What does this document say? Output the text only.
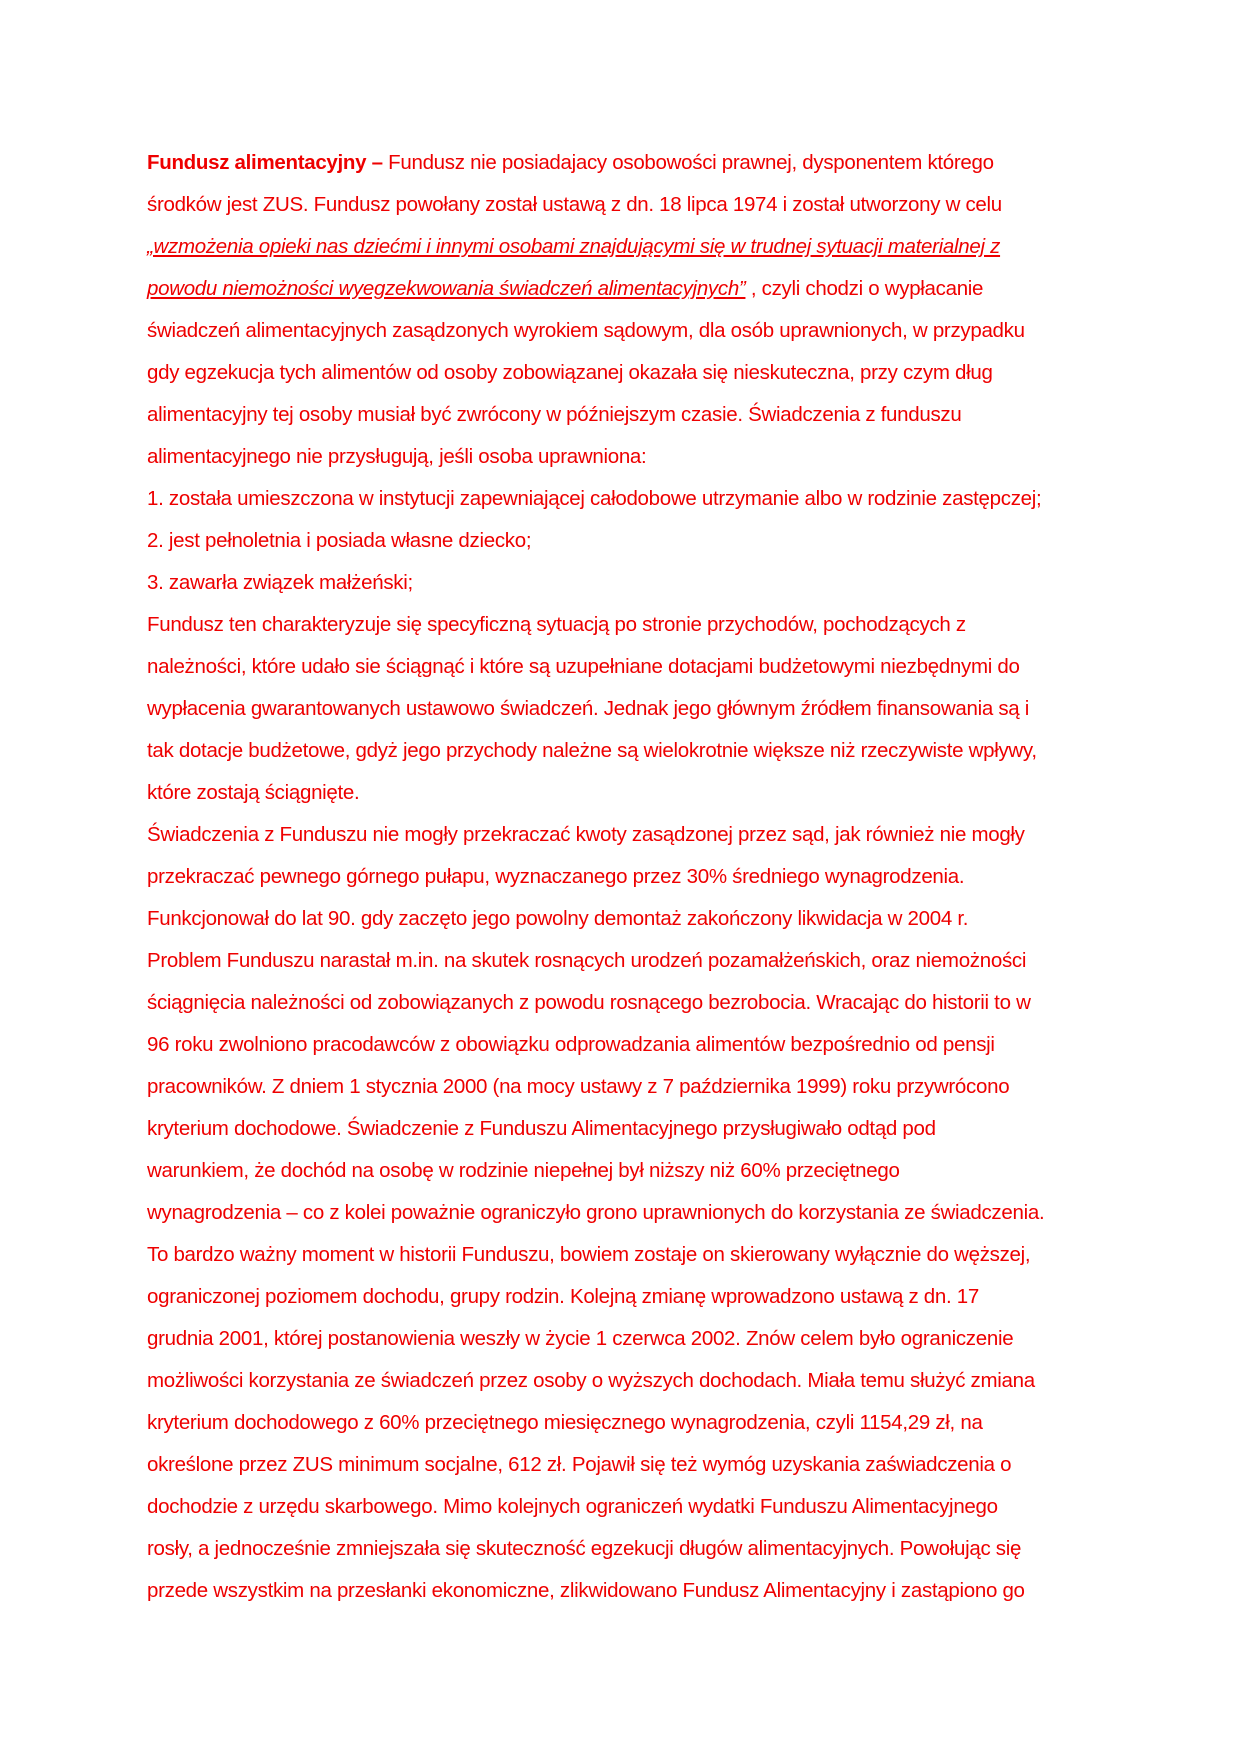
Fundusz alimentacyjny – Fundusz nie posiadajacy osobowości prawnej, dysponentem którego
środków jest ZUS. Fundusz powołany został ustawą z dn. 18 lipca 1974 i został utworzony w celu
„wzmożenia opieki nas dziećmi i innymi osobami znajdującymi się w trudnej sytuacji materialnej z
powodu niemożności wyegzekwowania świadczeń alimentacyjnych” , czyli chodzi o wypłacanie
świadczeń alimentacyjnych zasądzonych wyrokiem sądowym, dla osób uprawnionych, w przypadku
gdy egzekucja tych alimentów od osoby zobowiązanej okazała się nieskuteczna, przy czym dług
alimentacyjny tej osoby musiał być zwrócony w późniejszym czasie. Świadczenia z funduszu
alimentacyjnego nie przysługują, jeśli osoba uprawniona:
1. została umieszczona w instytucji zapewniającej całodobowe utrzymanie albo w rodzinie zastępczej;
2. jest pełnoletnia i posiada własne dziecko;
3. zawarła związek małżeński;
Fundusz ten charakteryzuje się specyficzną sytuacją po stronie przychodów, pochodzących z
należności, które udało sie ściągnąć i które są uzupełniane dotacjami budżetowymi niezbędnymi do
wypłacenia gwarantowanych ustawowo świadczeń. Jednak jego głównym źródłem finansowania są i
tak dotacje budżetowe, gdyż jego przychody należne są wielokrotnie większe niż rzeczywiste wpływy,
które zostają ściągnięte.
Świadczenia z Funduszu nie mogły przekraczać kwoty zasądzonej przez sąd, jak również nie mogły
przekraczać pewnego górnego pułapu, wyznaczanego przez 30% średniego wynagrodzenia.
Funkcjonował do lat 90. gdy zaczęto jego powolny demontaż zakończony likwidacja w 2004 r.
Problem Funduszu narastał m.in. na skutek rosnących urodzeń pozamałżeńskich, oraz niemożności
ściągnięcia należności od zobowiązanych z powodu rosnącego bezrobocia. Wracając do historii to w
96 roku zwolniono pracodawców z obowiązku odprowadzania alimentów bezpośrednio od pensji
pracowników. Z dniem 1 stycznia 2000 (na mocy ustawy z 7 października 1999) roku przywrócono
kryterium dochodowe. Świadczenie z Funduszu Alimentacyjnego przysługiwało odtąd pod
warunkiem, że dochód na osobę w rodzinie niepełnej był niższy niż 60% przeciętnego
wynagrodzenia – co z kolei poważnie ograniczyło grono uprawnionych do korzystania ze świadczenia.
To bardzo ważny moment w historii Funduszu, bowiem zostaje on skierowany wyłącznie do węższej,
ograniczonej poziomem dochodu, grupy rodzin. Kolejną zmianę wprowadzono ustawą z dn. 17
grudnia 2001, której postanowienia weszły w życie 1 czerwca 2002. Znów celem było ograniczenie
możliwości korzystania ze świadczeń przez osoby o wyższych dochodach. Miała temu służyć zmiana
kryterium dochodowego z 60% przeciętnego miesięcznego wynagrodzenia, czyli 1154,29 zł, na
określone przez ZUS minimum socjalne, 612 zł. Pojawił się też wymóg uzyskania zaświadczenia o
dochodzie z urzędu skarbowego. Mimo kolejnych ograniczeń wydatki Funduszu Alimentacyjnego
rosły, a jednocześnie zmniejszała się skuteczność egzekucji długów alimentacyjnych. Powołując się
przede wszystkim na przesłanki ekonomiczne, zlikwidowano Fundusz Alimentacyjny i zastąpiono go
